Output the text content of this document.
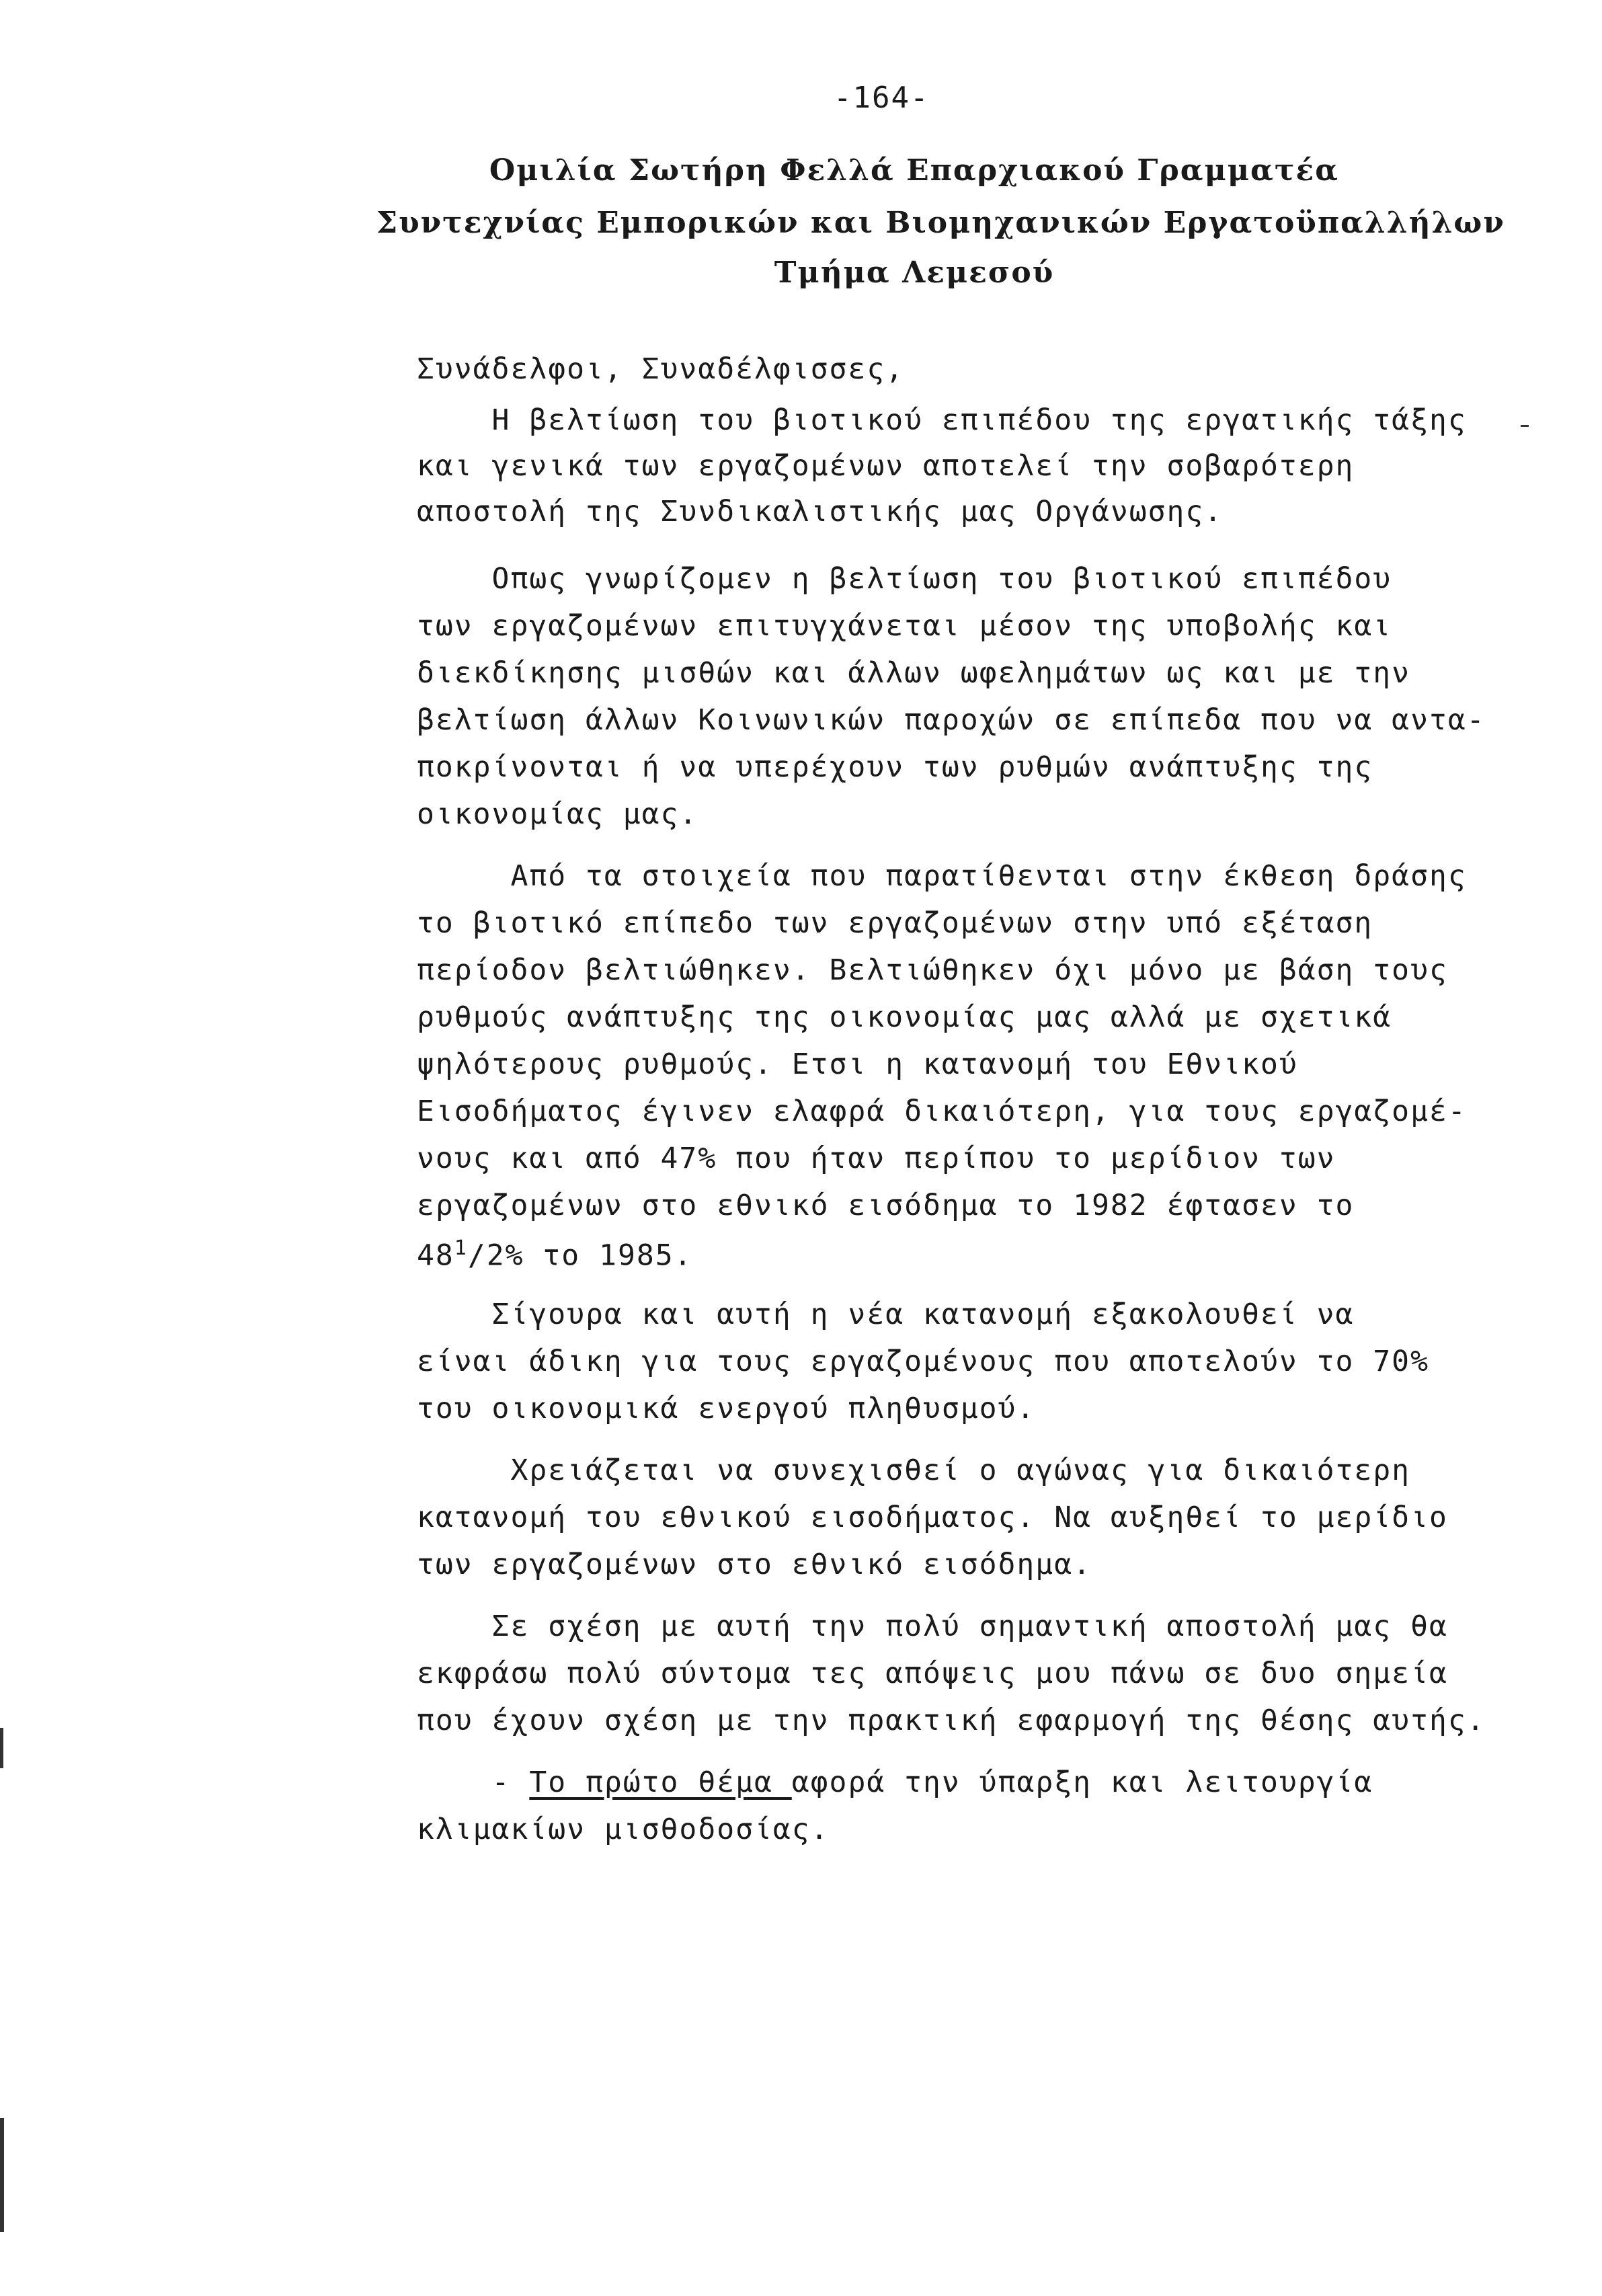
-164-
Ομιλία Σωτήρη Φελλά Επαρχιακού Γραμματέα
Συντεχνίας Εμπορικών και Βιομηχανικών Εργατοϋπαλλήλων
Τμήμα Λεμεσού
Συνάδελφοι, Συναδέλφισσες,
Η βελτίωση του βιοτικού επιπέδου της εργατικής τάξης
και γενικά των εργαζομένων αποτελεί την σοβαρότερη
αποστολή της Συνδικαλιστικής μας Οργάνωσης.
Οπως γνωρίζομεν η βελτίωση του βιοτικού επιπέδου
των εργαζομένων επιτυγχάνεται μέσον της υποβολής και
διεκδίκησης μισθών και άλλων ωφελημάτων ως και με την
βελτίωση άλλων Κοινωνικών παροχών σε επίπεδα που να αντα-
ποκρίνονται ή να υπερέχουν των ρυθμών ανάπτυξης της
οικονομίας μας.
Από τα στοιχεία που παρατίθενται στην έκθεση δράσης
το βιοτικό επίπεδο των εργαζομένων στην υπό εξέταση
περίοδον βελτιώθηκεν. Βελτιώθηκεν όχι μόνο με βάση τους
ρυθμούς ανάπτυξης της οικονομίας μας αλλά με σχετικά
ψηλότερους ρυθμούς. Ετσι η κατανομή του Εθνικού
Εισοδήματος έγινεν ελαφρά δικαιότερη, για τους εργαζομέ-
νους και από 47% που ήταν περίπου το μερίδιον των
εργαζομένων στο εθνικό εισόδημα το 1982 έφτασεν το
$48^1/2\%$ το 1985.
Σίγουρα και αυτή η νέα κατανομή εξακολουθεί να
είναι άδικη για τους εργαζομένους που αποτελούν το 70%
του οικονομικά ενεργού πληθυσμού.
Χρειάζεται να συνεχισθεί ο αγώνας για δικαιότερη
κατανομή του εθνικού εισοδήματος. Να αυξηθεί το μερίδιο
των εργαζομένων στο εθνικό εισόδημα.
Σε σχέση με αυτή την πολύ σημαντική αποστολή μας θα
εκφράσω πολύ σύντομα τες απόψεις μου πάνω σε δυο σημεία
που έχουν σχέση με την πρακτική εφαρμογή της θέσης αυτής.
- Το πρώτο θέμα αφορά την ύπαρξη και λειτουργία
κλιμακίων μισθοδοσίας.
